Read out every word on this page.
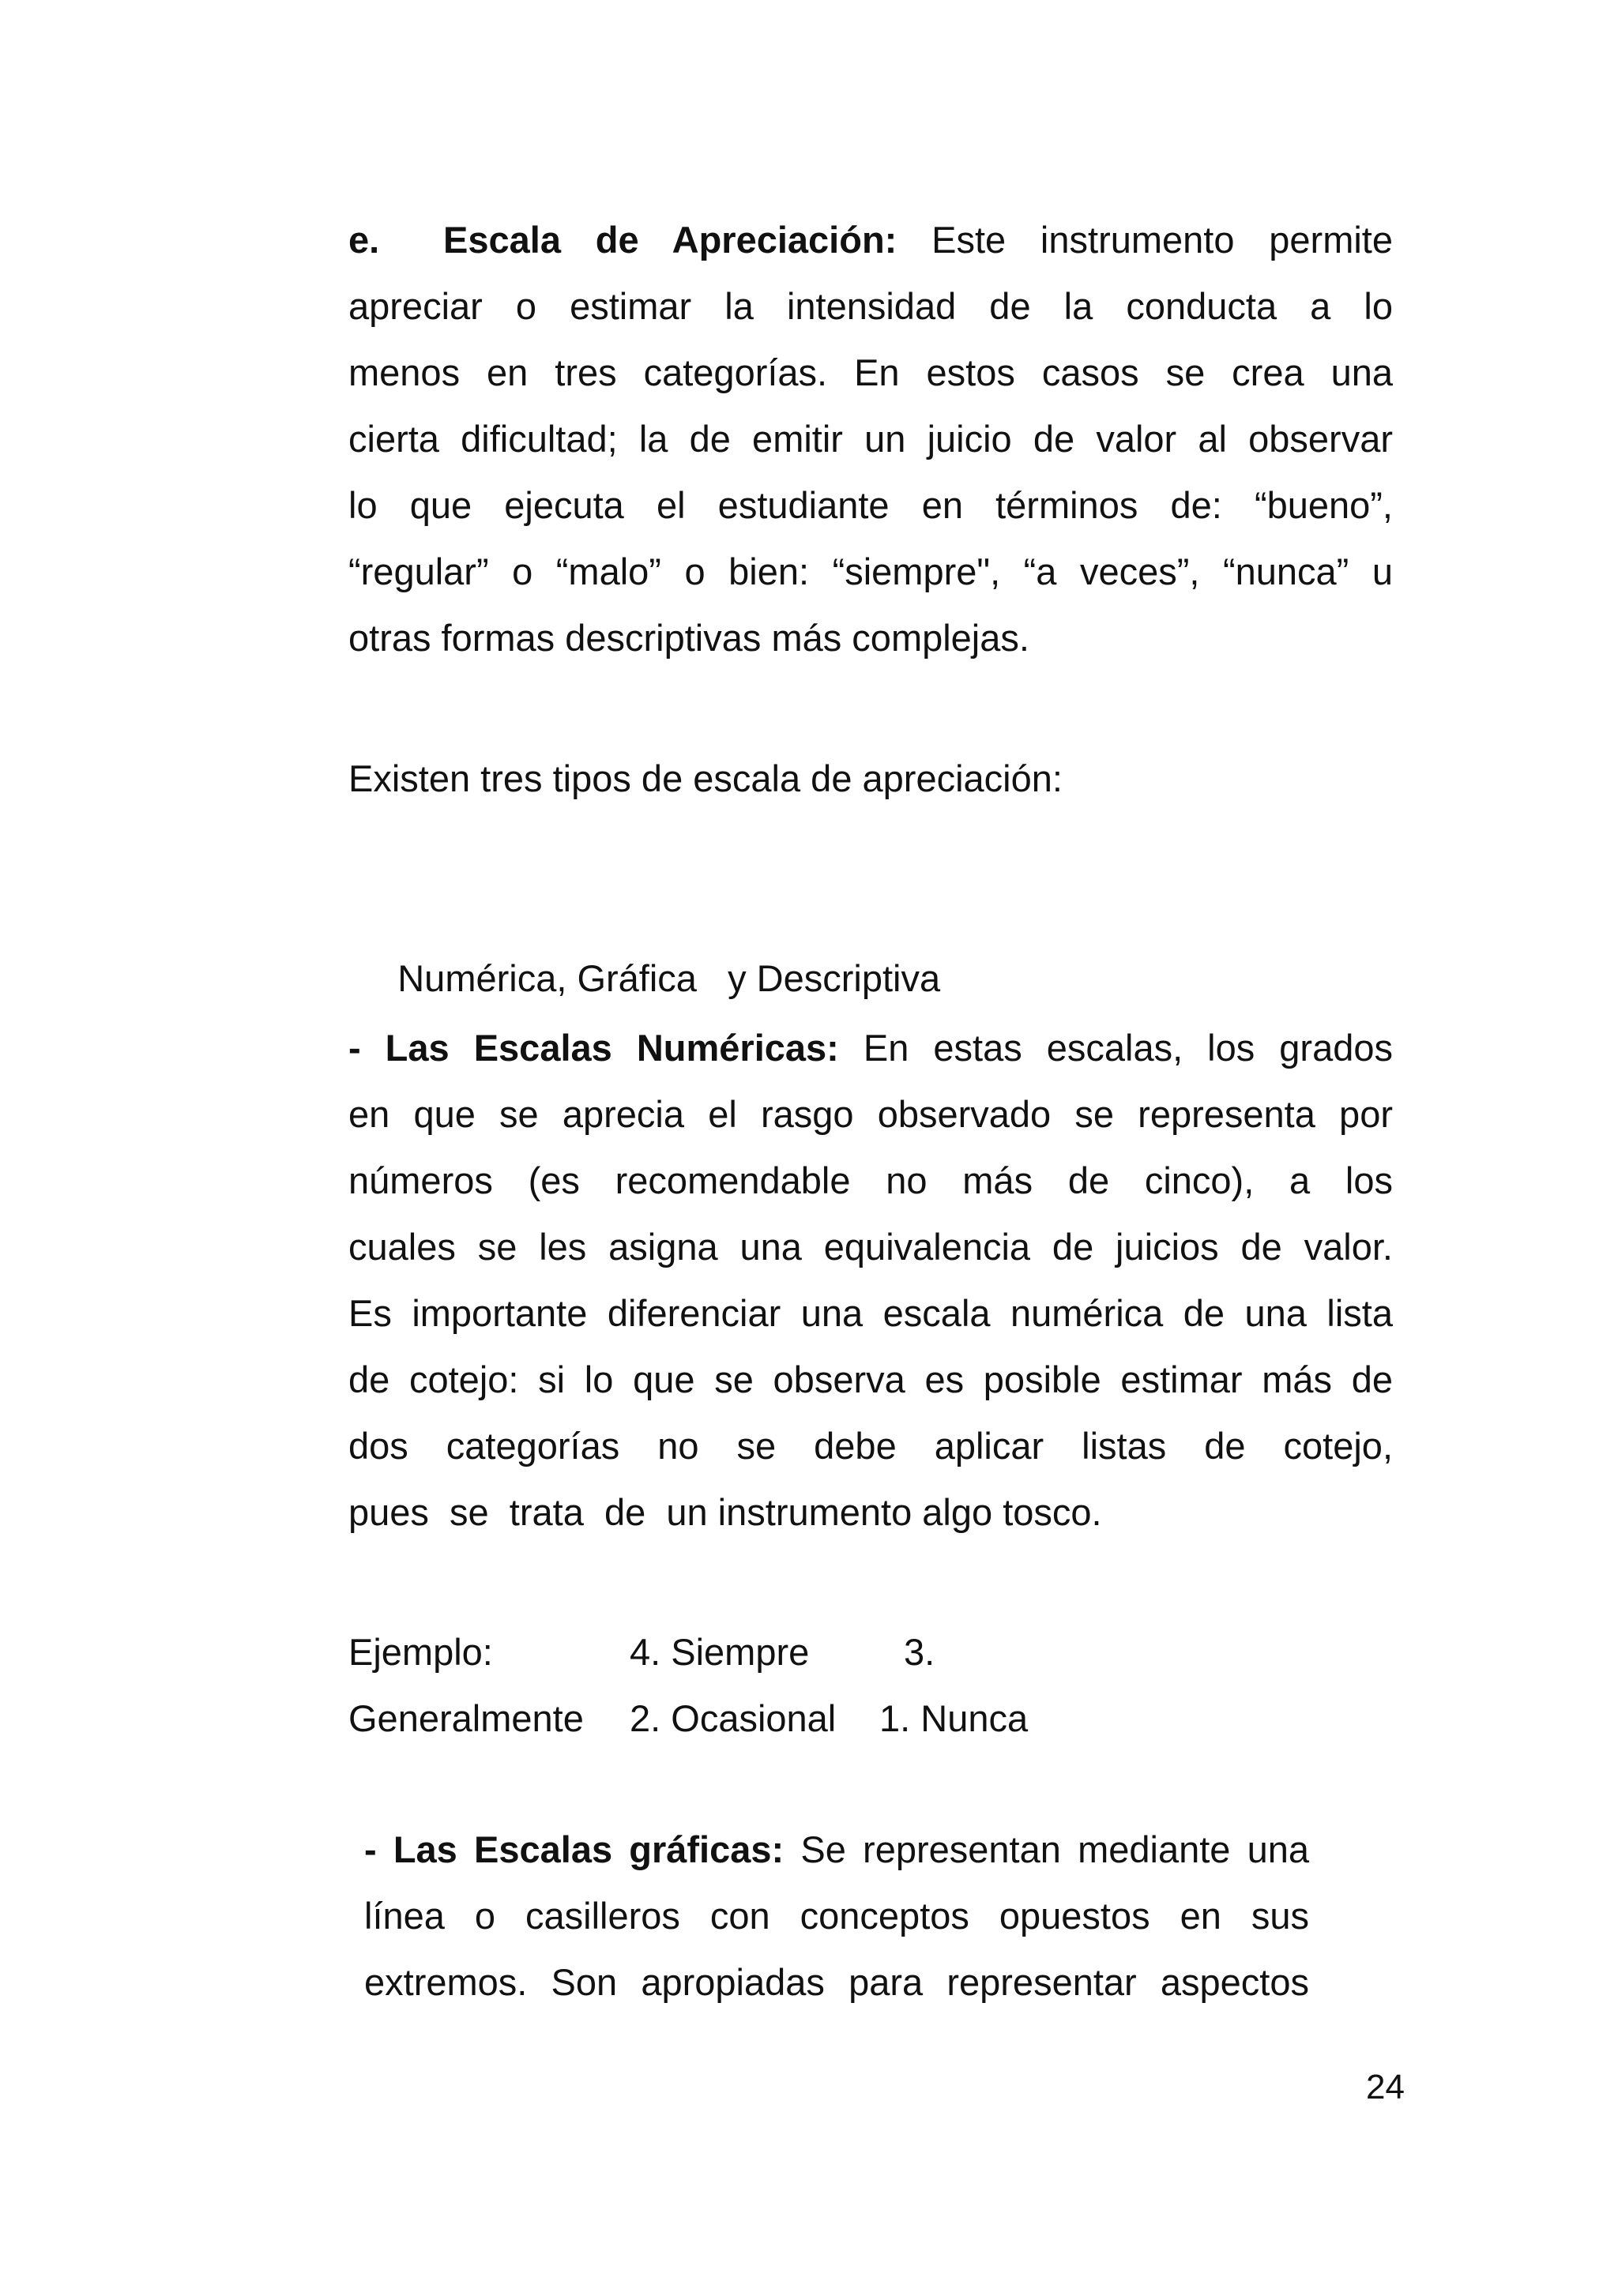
e. Escala de Apreciación: Este instrumento permite
apreciar o estimar la intensidad de la conducta a lo
menos en tres categorías. En estos casos se crea una
cierta dificultad; la de emitir un juicio de valor al observar
lo que ejecuta el estudiante en términos de: “bueno”,
“regular” o “malo” o bien: “siempre", “a veces”, “nunca” u
otras formas descriptivas más complejas.
Existen tres tipos de escala de apreciación:

Numérica, Gráfica   y Descriptiva

- Las Escalas Numéricas: En estas escalas, los grados
en que se aprecia el rasgo observado se representa por
números (es recomendable no más de cinco), a los
cuales se les asigna una equivalencia de juicios de valor.
Es importante diferenciar una escala numérica de una lista
de cotejo: si lo que se observa es posible estimar más de
dos categorías no se debe aplicar listas de cotejo,
pues  se  trata  de  un instrumento algo tosco.
Ejemplo:	4. Siempre	3.
Generalmente 2. Ocasional 1. Nunca
- Las Escalas gráficas: Se representan mediante una
línea o casilleros con conceptos opuestos en sus
extremos. Son apropiadas para representar aspectos
24
